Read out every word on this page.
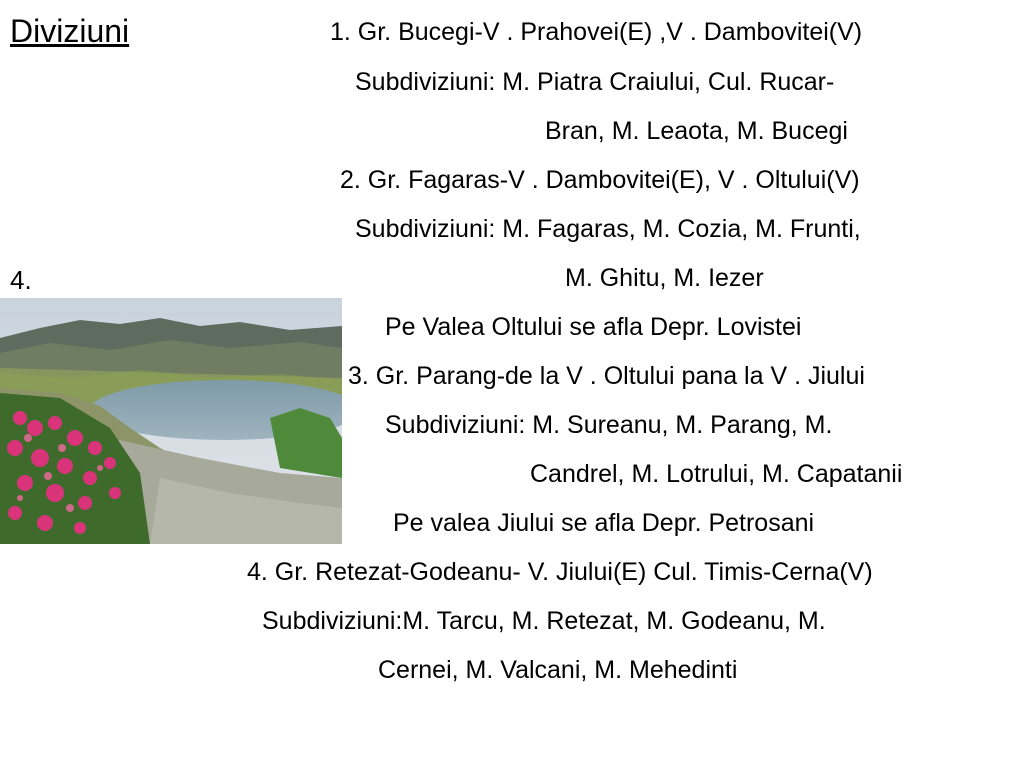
Diviziuni
4.
1. Gr. Bucegi-V . Prahovei(E) ,V . Dambovitei(V)
Subdiviziuni: M. Piatra Craiului, Cul. Rucar-
Bran, M. Leaota, M. Bucegi
2. Gr. Fagaras-V . Dambovitei(E), V . Oltului(V)
Subdiviziuni: M. Fagaras, M. Cozia, M. Frunti,
M. Ghitu, M. Iezer
Pe Valea Oltului se afla Depr. Lovistei
3. Gr. Parang-de la V . Oltului pana la V . Jiului
Subdiviziuni: M. Sureanu, M. Parang, M.
Candrel, M. Lotrului, M. Capatanii
Pe valea Jiului se afla Depr. Petrosani
4. Gr. Retezat-Godeanu- V. Jiului(E) Cul. Timis-Cerna(V)
Subdiviziuni:M. Tarcu, M. Retezat, M. Godeanu, M.
Cernei, M. Valcani, M. Mehedinti
